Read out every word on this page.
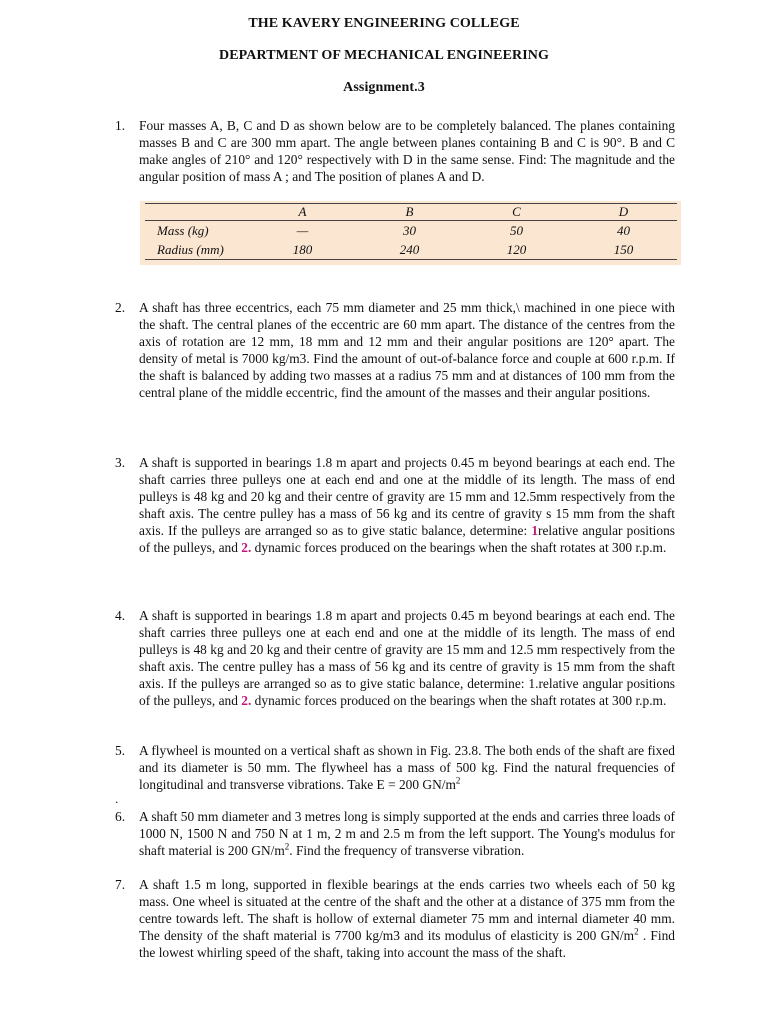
THE KAVERY ENGINEERING COLLEGE
DEPARTMENT OF MECHANICAL ENGINEERING
Assignment.3
1. Four masses A, B, C and D as shown below are to be completely balanced. The planes containing masses B and C are 300 mm apart. The angle between planes containing B and C is 90°. B and C make angles of 210° and 120° respectively with D in the same sense. Find: The magnitude and the angular position of mass A ; and The position of planes A and D.
	A	B	C	D
Mass (kg)	—	30	50	40
Radius (mm)	180	240	120	150
2. A shaft has three eccentrics, each 75 mm diameter and 25 mm thick,\ machined in one piece with the shaft. The central planes of the eccentric are 60 mm apart. The distance of the centres from the axis of rotation are 12 mm, 18 mm and 12 mm and their angular positions are 120° apart. The density of metal is 7000 kg/m3. Find the amount of out-of-balance force and couple at 600 r.p.m. If the shaft is balanced by adding two masses at a radius 75 mm and at distances of 100 mm from the central plane of the middle eccentric, find the amount of the masses and their angular positions.
3. A shaft is supported in bearings 1.8 m apart and projects 0.45 m beyond bearings at each end. The shaft carries three pulleys one at each end and one at the middle of its length. The mass of end pulleys is 48 kg and 20 kg and their centre of gravity are 15 mm and 12.5mm respectively from the shaft axis. The centre pulley has a mass of 56 kg and its centre of gravity s 15 mm from the shaft axis. If the pulleys are arranged so as to give static balance, determine: 1relative angular positions of the pulleys, and 2. dynamic forces produced on the bearings when the shaft rotates at 300 r.p.m.
4. A shaft is supported in bearings 1.8 m apart and projects 0.45 m beyond bearings at each end. The shaft carries three pulleys one at each end and one at the middle of its length. The mass of end pulleys is 48 kg and 20 kg and their centre of gravity are 15 mm and 12.5 mm respectively from the shaft axis. The centre pulley has a mass of 56 kg and its centre of gravity is 15 mm from the shaft axis. If the pulleys are arranged so as to give static balance, determine: 1.relative angular positions of the pulleys, and 2. dynamic forces produced on the bearings when the shaft rotates at 300 r.p.m.
5. A flywheel is mounted on a vertical shaft as shown in Fig. 23.8. The both ends of the shaft are fixed and its diameter is 50 mm. The flywheel has a mass of 500 kg. Find the natural frequencies of longitudinal and transverse vibrations. Take E = 200 $GN/m^2$
.
6. A shaft 50 mm diameter and 3 metres long is simply supported at the ends and carries three loads of 1000 N, 1500 N and 750 N at 1 m, 2 m and 2.5 m from the left support. The Young's modulus for shaft material is 200 $GN/m^2$. Find the frequency of transverse vibration.
7. A shaft 1.5 m long, supported in flexible bearings at the ends carries two wheels each of 50 kg mass. One wheel is situated at the centre of the shaft and the other at a distance of 375 mm from the centre towards left. The shaft is hollow of external diameter 75 mm and internal diameter 40 mm. The density of the shaft material is 7700 kg/m3 and its modulus of elasticity is 200 $GN/m^2$ . Find the lowest whirling speed of the shaft, taking into account the mass of the shaft.
